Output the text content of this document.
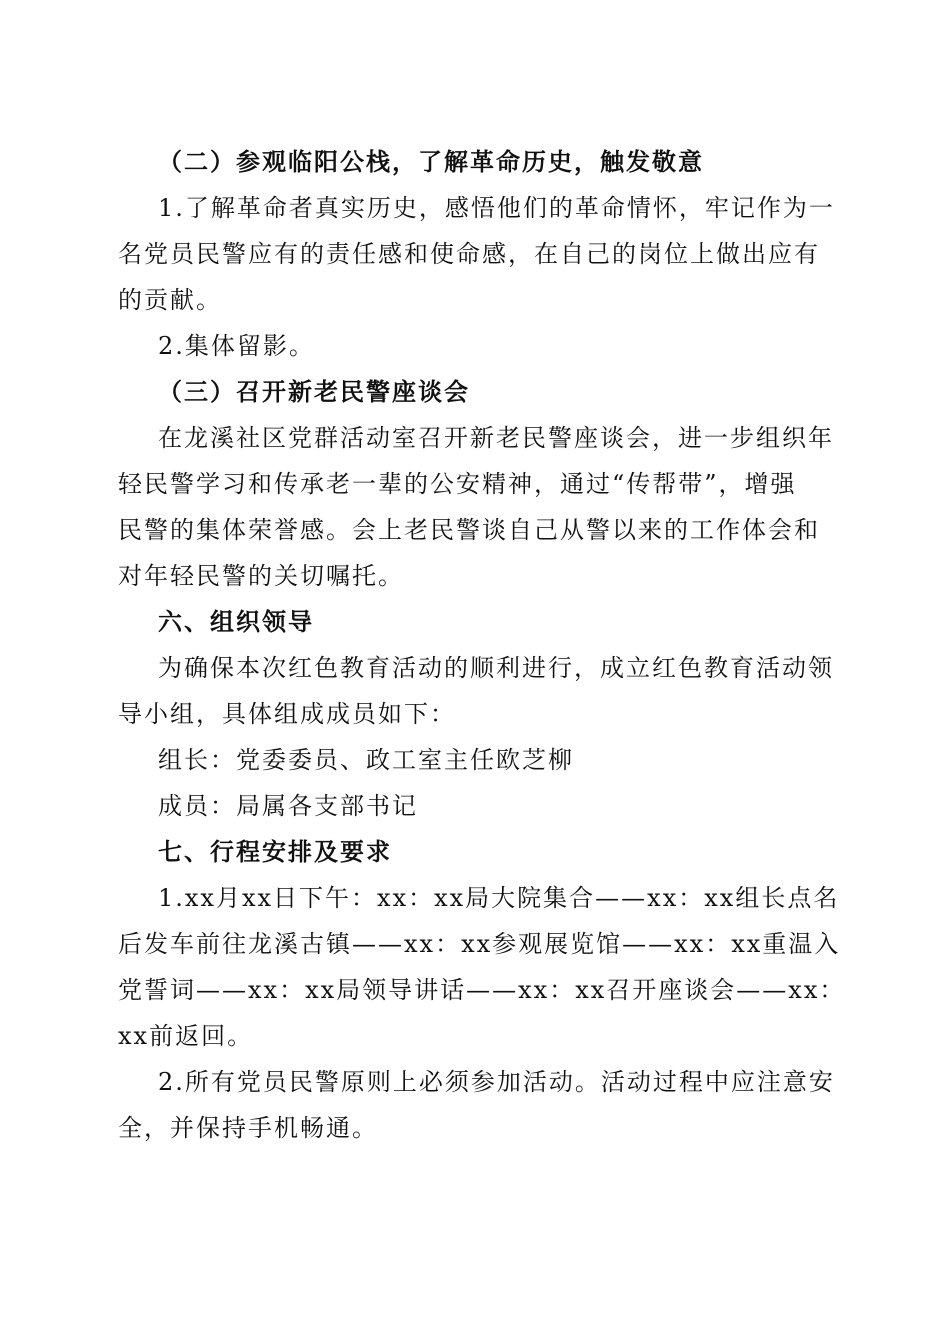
（二）参观临阳公栈，了解革命历史，触发敬意

1.了解革命者真实历史，感悟他们的革命情怀，牢记作为一

名党员民警应有的责任感和使命感，在自己的岗位上做出应有

的贡献。

2.集体留影。

（三）召开新老民警座谈会

在龙溪社区党群活动室召开新老民警座谈会，进一步组织年

轻民警学习和传承老一辈的公安精神，通过“传帮带”，增强

民警的集体荣誉感。会上老民警谈自己从警以来的工作体会和

对年轻民警的关切嘱托。

六、组织领导

为确保本次红色教育活动的顺利进行，成立红色教育活动领

导小组，具体组成成员如下：

组长：党委委员、政工室主任欧芝柳

成员：局属各支部书记

七、行程安排及要求

1.xx月xx日下午：xx：xx局大院集合——xx：xx组长点名

后发车前往龙溪古镇——xx：xx参观展览馆——xx：xx重温入

党誓词——xx：xx局领导讲话——xx：xx召开座谈会——xx：

xx前返回。

2.所有党员民警原则上必须参加活动。活动过程中应注意安

全，并保持手机畅通。
